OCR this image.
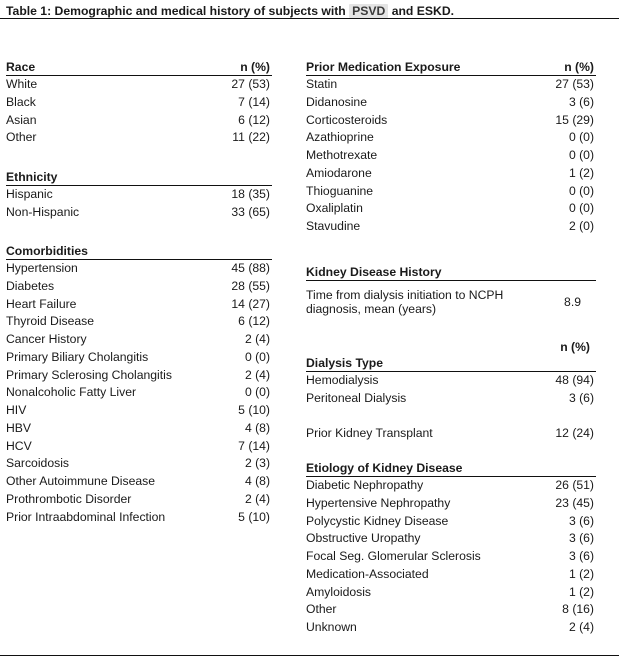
Table 1: Demographic and medical history of subjects with PSVD and ESKD.
Race	n (%)
White	27 (53)
Black	7 (14)
Asian	6 (12)
Other	11 (22)
Ethnicity
Hispanic	18 (35)
Non-Hispanic	33 (65)
Comorbidities
Hypertension	45 (88)
Diabetes	28 (55)
Heart Failure	14 (27)
Thyroid Disease	6 (12)
Cancer History	2 (4)
Primary Biliary Cholangitis	0 (0)
Primary Sclerosing Cholangitis	2 (4)
Nonalcoholic Fatty Liver	0 (0)
HIV	5 (10)
HBV	4 (8)
HCV	7 (14)
Sarcoidosis	2 (3)
Other Autoimmune Disease	4 (8)
Prothrombotic Disorder	2 (4)
Prior Intraabdominal Infection	5 (10)
Prior Medication Exposure	n (%)
Statin	27 (53)
Didanosine	3 (6)
Corticosteroids	15 (29)
Azathioprine	0 (0)
Methotrexate	0 (0)
Amiodarone	1 (2)
Thioguanine	0 (0)
Oxaliplatin	0 (0)
Stavudine	2 (0)
Kidney Disease History
Time from dialysis initiation to NCPH diagnosis, mean (years)	8.9
n (%)
Dialysis Type
Hemodialysis	48 (94)
Peritoneal Dialysis	3 (6)
Prior Kidney Transplant	12 (24)
Etiology of Kidney Disease
Diabetic Nephropathy	26 (51)
Hypertensive Nephropathy	23 (45)
Polycystic Kidney Disease	3 (6)
Obstructive Uropathy	3 (6)
Focal Seg. Glomerular Sclerosis	3 (6)
Medication-Associated	1 (2)
Amyloidosis	1 (2)
Other	8 (16)
Unknown	2 (4)
